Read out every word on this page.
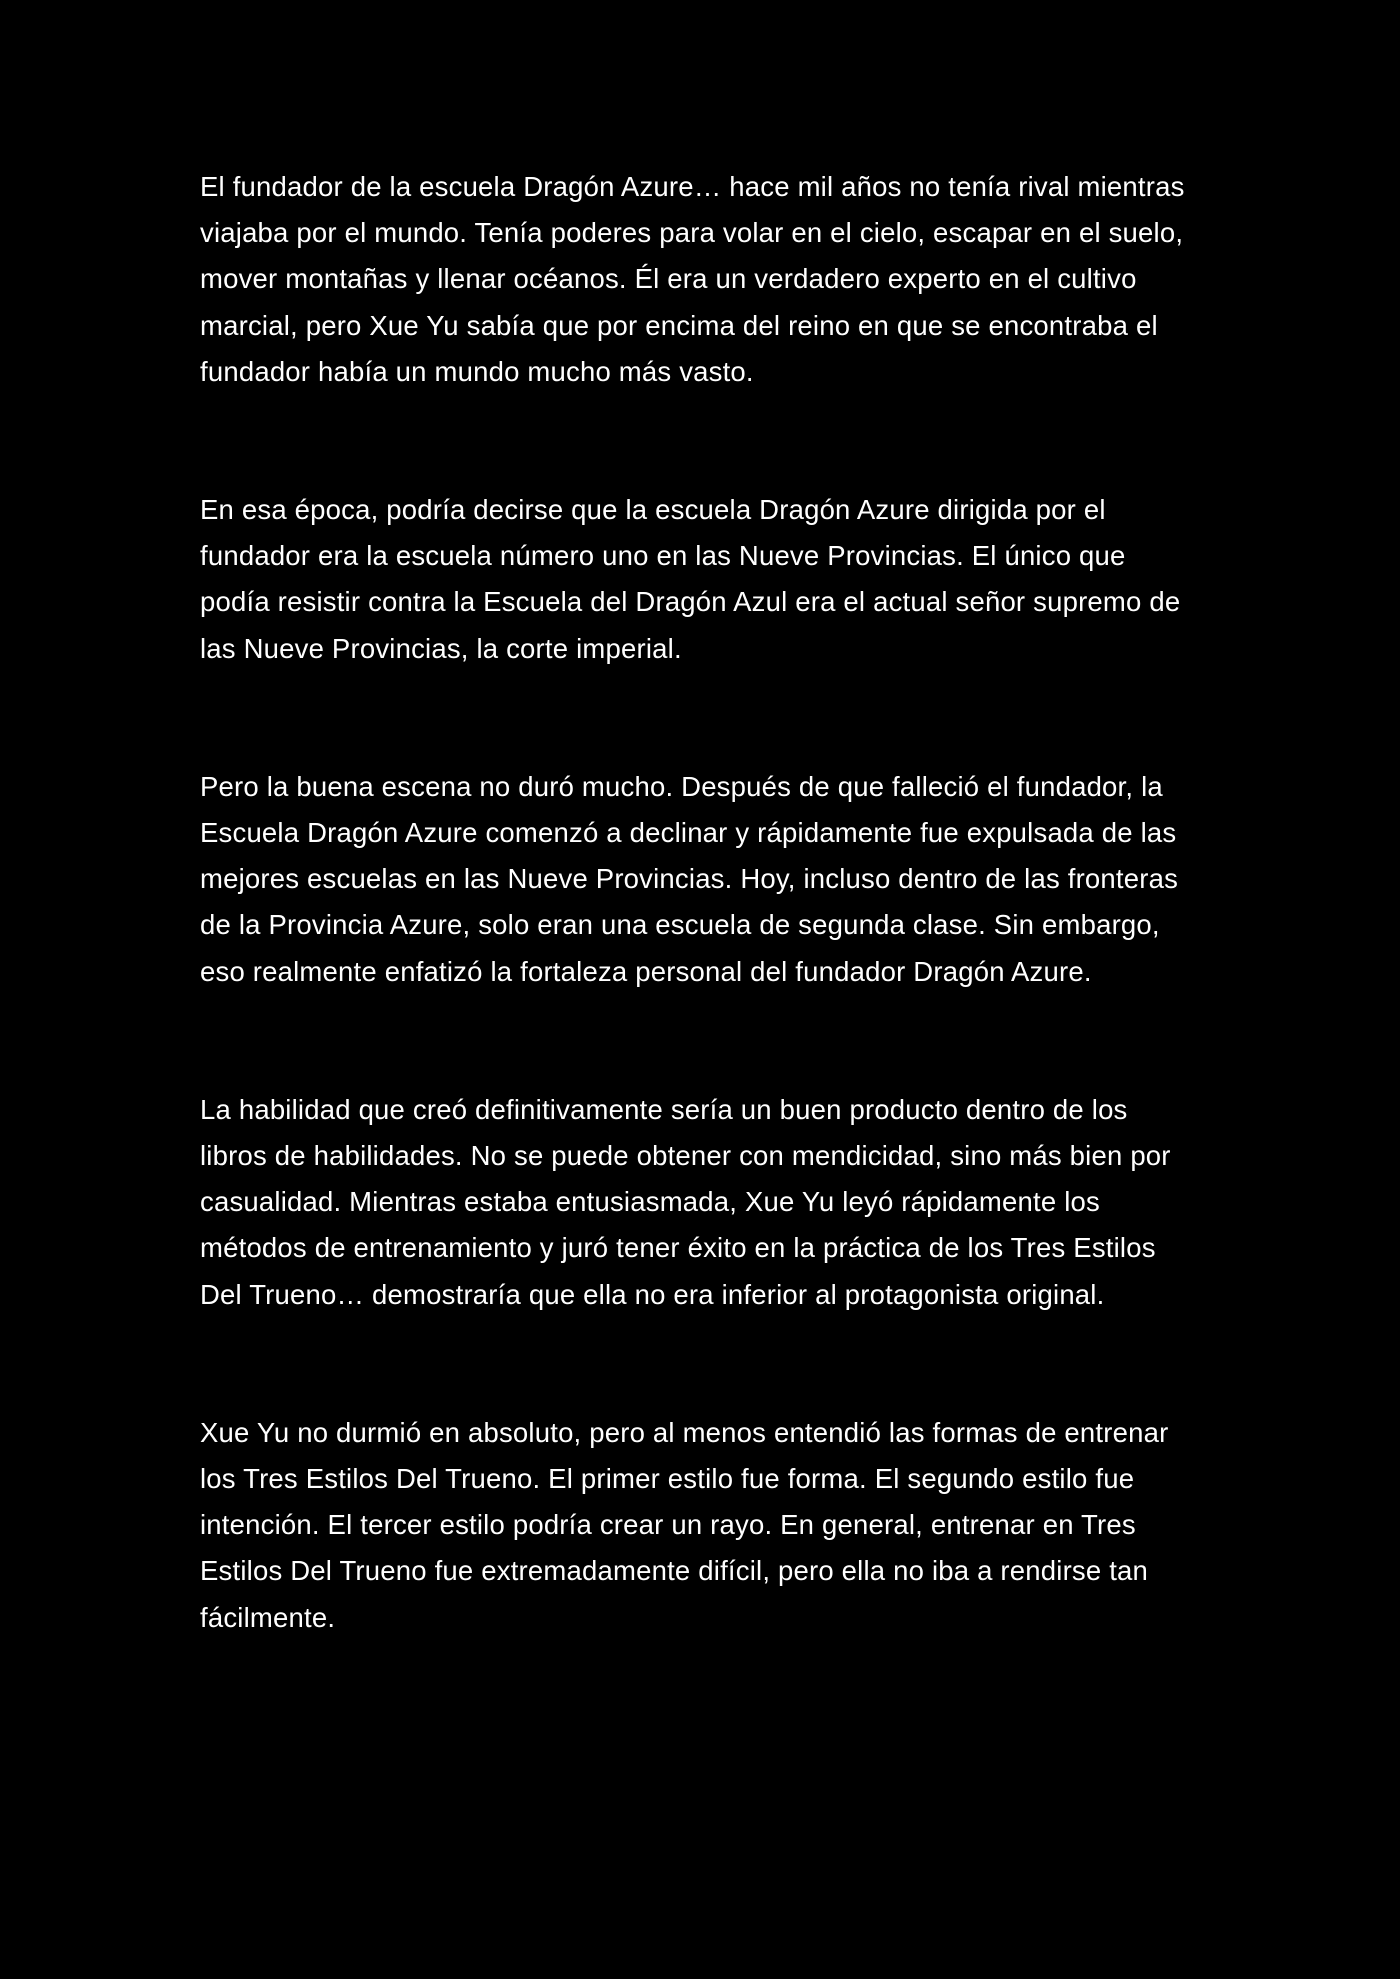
El fundador de la escuela Dragón Azure… hace mil años no tenía rival mientras viajaba por el mundo. Tenía poderes para volar en el cielo, escapar en el suelo, mover montañas y llenar océanos. Él era un verdadero experto en el cultivo marcial, pero Xue Yu sabía que por encima del reino en que se encontraba el fundador había un mundo mucho más vasto.

En esa época, podría decirse que la escuela Dragón Azure dirigida por el fundador era la escuela número uno en las Nueve Provincias. El único que podía resistir contra la Escuela del Dragón Azul era el actual señor supremo de las Nueve Provincias, la corte imperial.

Pero la buena escena no duró mucho. Después de que falleció el fundador, la Escuela Dragón Azure comenzó a declinar y rápidamente fue expulsada de las mejores escuelas en las Nueve Provincias. Hoy, incluso dentro de las fronteras de la Provincia Azure, solo eran una escuela de segunda clase. Sin embargo, eso realmente enfatizó la fortaleza personal del fundador Dragón Azure.

La habilidad que creó definitivamente sería un buen producto dentro de los libros de habilidades. No se puede obtener con mendicidad, sino más bien por casualidad. Mientras estaba entusiasmada, Xue Yu leyó rápidamente los métodos de entrenamiento y juró tener éxito en la práctica de los Tres Estilos Del Trueno… demostraría que ella no era inferior al protagonista original.

Xue Yu no durmió en absoluto, pero al menos entendió las formas de entrenar los Tres Estilos Del Trueno. El primer estilo fue forma. El segundo estilo fue intención. El tercer estilo podría crear un rayo. En general, entrenar en Tres Estilos Del Trueno fue extremadamente difícil, pero ella no iba a rendirse tan fácilmente.
